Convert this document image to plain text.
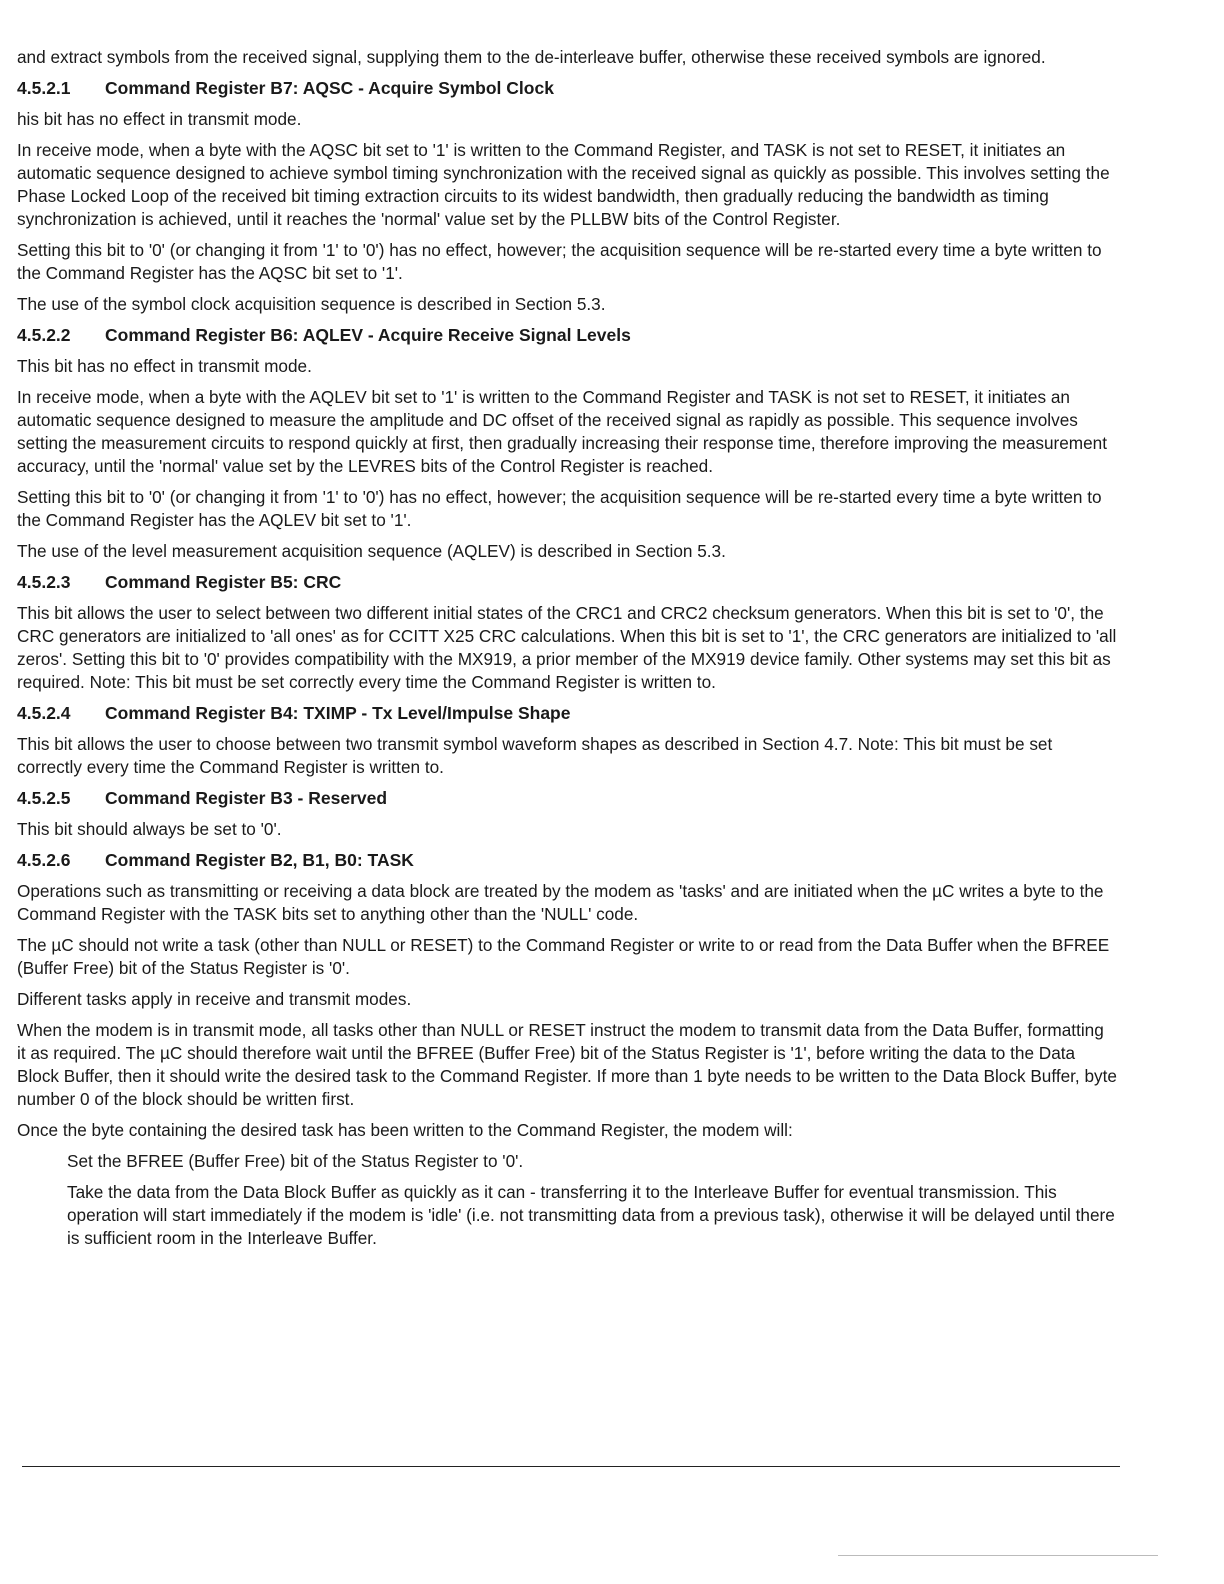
and extract symbols from the received signal, supplying them to the de-interleave buffer, otherwise these received symbols are ignored.

4.5.2.1 Command Register B7: AQSC - Acquire Symbol Clock

his bit has no effect in transmit mode.

In receive mode, when a byte with the AQSC bit set to '1' is written to the Command Register, and TASK is not set to RESET, it initiates an automatic sequence designed to achieve symbol timing synchronization with the received signal as quickly as possible. This involves setting the Phase Locked Loop of the received bit timing extraction circuits to its widest bandwidth, then gradually reducing the bandwidth as timing synchronization is achieved, until it reaches the 'normal' value set by the PLLBW bits of the Control Register.

Setting this bit to '0' (or changing it from '1' to '0') has no effect, however; the acquisition sequence will be re-started every time a byte written to the Command Register has the AQSC bit set to '1'.

The use of the symbol clock acquisition sequence is described in Section 5.3.

4.5.2.2 Command Register B6: AQLEV - Acquire Receive Signal Levels

This bit has no effect in transmit mode.

In receive mode, when a byte with the AQLEV bit set to '1' is written to the Command Register and TASK is not set to RESET, it initiates an automatic sequence designed to measure the amplitude and DC offset of the received signal as rapidly as possible. This sequence involves setting the measurement circuits to respond quickly at first, then gradually increasing their response time, therefore improving the measurement accuracy, until the 'normal' value set by the LEVRES bits of the Control Register is reached.

Setting this bit to '0' (or changing it from '1' to '0') has no effect, however; the acquisition sequence will be re-started every time a byte written to the Command Register has the AQLEV bit set to '1'.

The use of the level measurement acquisition sequence (AQLEV) is described in Section 5.3.

4.5.2.3 Command Register B5: CRC

This bit allows the user to select between two different initial states of the CRC1 and CRC2 checksum generators. When this bit is set to '0', the CRC generators are initialized to 'all ones' as for CCITT X25 CRC calculations. When this bit is set to '1', the CRC generators are initialized to 'all zeros'. Setting this bit to '0' provides compatibility with the MX919, a prior member of the MX919 device family. Other systems may set this bit as required. Note: This bit must be set correctly every time the Command Register is written to.

4.5.2.4 Command Register B4: TXIMP - Tx Level/Impulse Shape

This bit allows the user to choose between two transmit symbol waveform shapes as described in Section 4.7. Note: This bit must be set correctly every time the Command Register is written to.

4.5.2.5 Command Register B3 - Reserved

This bit should always be set to '0'.

4.5.2.6 Command Register B2, B1, B0: TASK

Operations such as transmitting or receiving a data block are treated by the modem as 'tasks' and are initiated when the µC writes a byte to the Command Register with the TASK bits set to anything other than the 'NULL' code.

The µC should not write a task (other than NULL or RESET) to the Command Register or write to or read from the Data Buffer when the BFREE (Buffer Free) bit of the Status Register is '0'.

Different tasks apply in receive and transmit modes.

When the modem is in transmit mode, all tasks other than NULL or RESET instruct the modem to transmit data from the Data Buffer, formatting it as required. The µC should therefore wait until the BFREE (Buffer Free) bit of the Status Register is '1', before writing the data to the Data Block Buffer, then it should write the desired task to the Command Register. If more than 1 byte needs to be written to the Data Block Buffer, byte number 0 of the block should be written first.

Once the byte containing the desired task has been written to the Command Register, the modem will:

Set the BFREE (Buffer Free) bit of the Status Register to '0'.

Take the data from the Data Block Buffer as quickly as it can - transferring it to the Interleave Buffer for eventual transmission. This operation will start immediately if the modem is 'idle' (i.e. not transmitting data from a previous task), otherwise it will be delayed until there is sufficient room in the Interleave Buffer.
